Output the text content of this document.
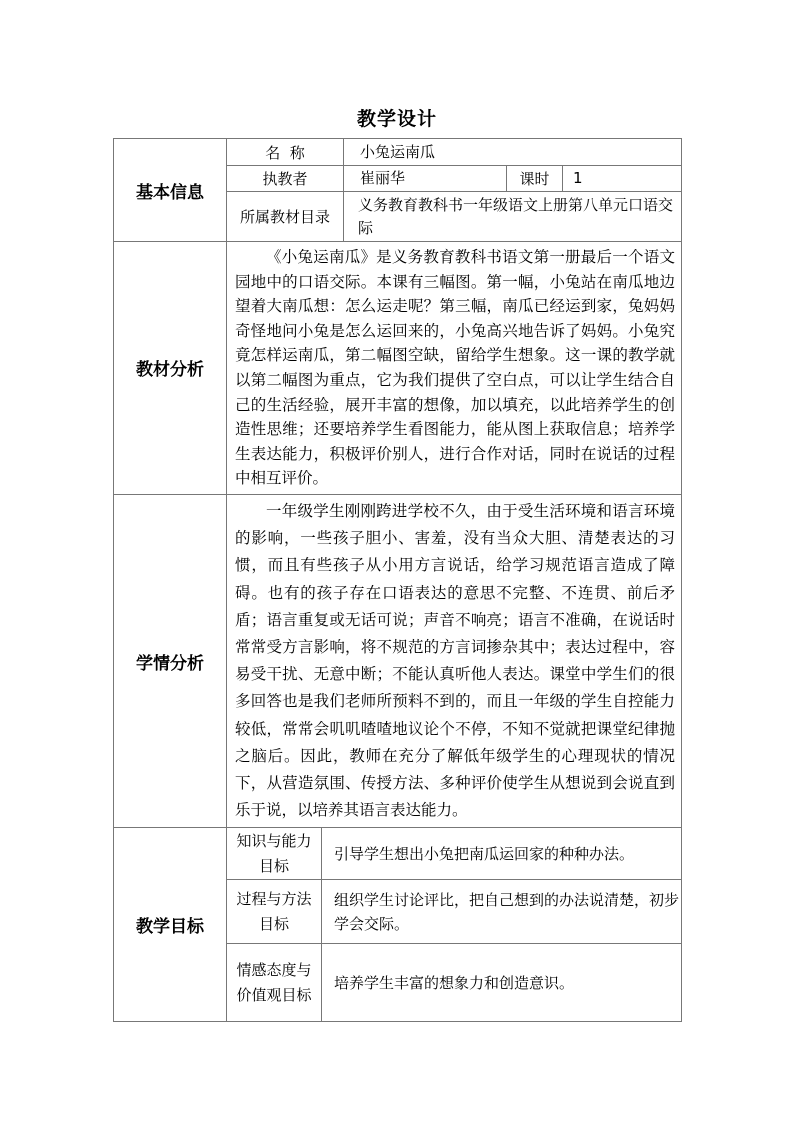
教学设计
基本信息	名  称		小兔运南瓜		
	执教者		崔丽华	课时	1
	所属教材目录		义务教育教科书一年级语文上册第八单元口语交际		
教材分析	《小兔运南瓜》是义务教育教科书语文第一册最后一个语文园地中的口语交际。本课有三幅图。第一幅，小兔站在南瓜地边望着大南瓜想：怎么运走呢？第三幅，南瓜已经运到家，兔妈妈奇怪地问小兔是怎么运回来的，小兔高兴地告诉了妈妈。小兔究竟怎样运南瓜，第二幅图空缺，留给学生想象。这一课的教学就以第二幅图为重点，它为我们提供了空白点，可以让学生结合自己的生活经验，展开丰富的想像，加以填充，以此培养学生的创造性思维；还要培养学生看图能力，能从图上获取信息；培养学生表达能力，积极评价别人，进行合作对话，同时在说话的过程中相互评价。				
学情分析	一年级学生刚刚跨进学校不久，由于受生活环境和语言环境的影响，一些孩子胆小、害羞，没有当众大胆、清楚表达的习惯，而且有些孩子从小用方言说话，给学习规范语言造成了障碍。也有的孩子存在口语表达的意思不完整、不连贯、前后矛盾；语言重复或无话可说；声音不响亮；语言不准确，在说话时常常受方言影响，将不规范的方言词掺杂其中；表达过程中，容易受干扰、无意中断；不能认真听他人表达。课堂中学生们的很多回答也是我们老师所预料不到的，而且一年级的学生自控能力较低，常常会叽叽喳喳地议论个不停，不知不觉就把课堂纪律抛之脑后。因此，教师在充分了解低年级学生的心理现状的情况下，从营造氛围、传授方法、多种评价使学生从想说到会说直到乐于说，以培养其语言表达能力。				
教学目标	知识与能力目标	引导学生想出小兔把南瓜运回家的种种办法。			
	过程与方法目标	组织学生讨论评比，把自己想到的办法说清楚，初步学会交际。			
	情感态度与价值观目标	培养学生丰富的想象力和创造意识。			
